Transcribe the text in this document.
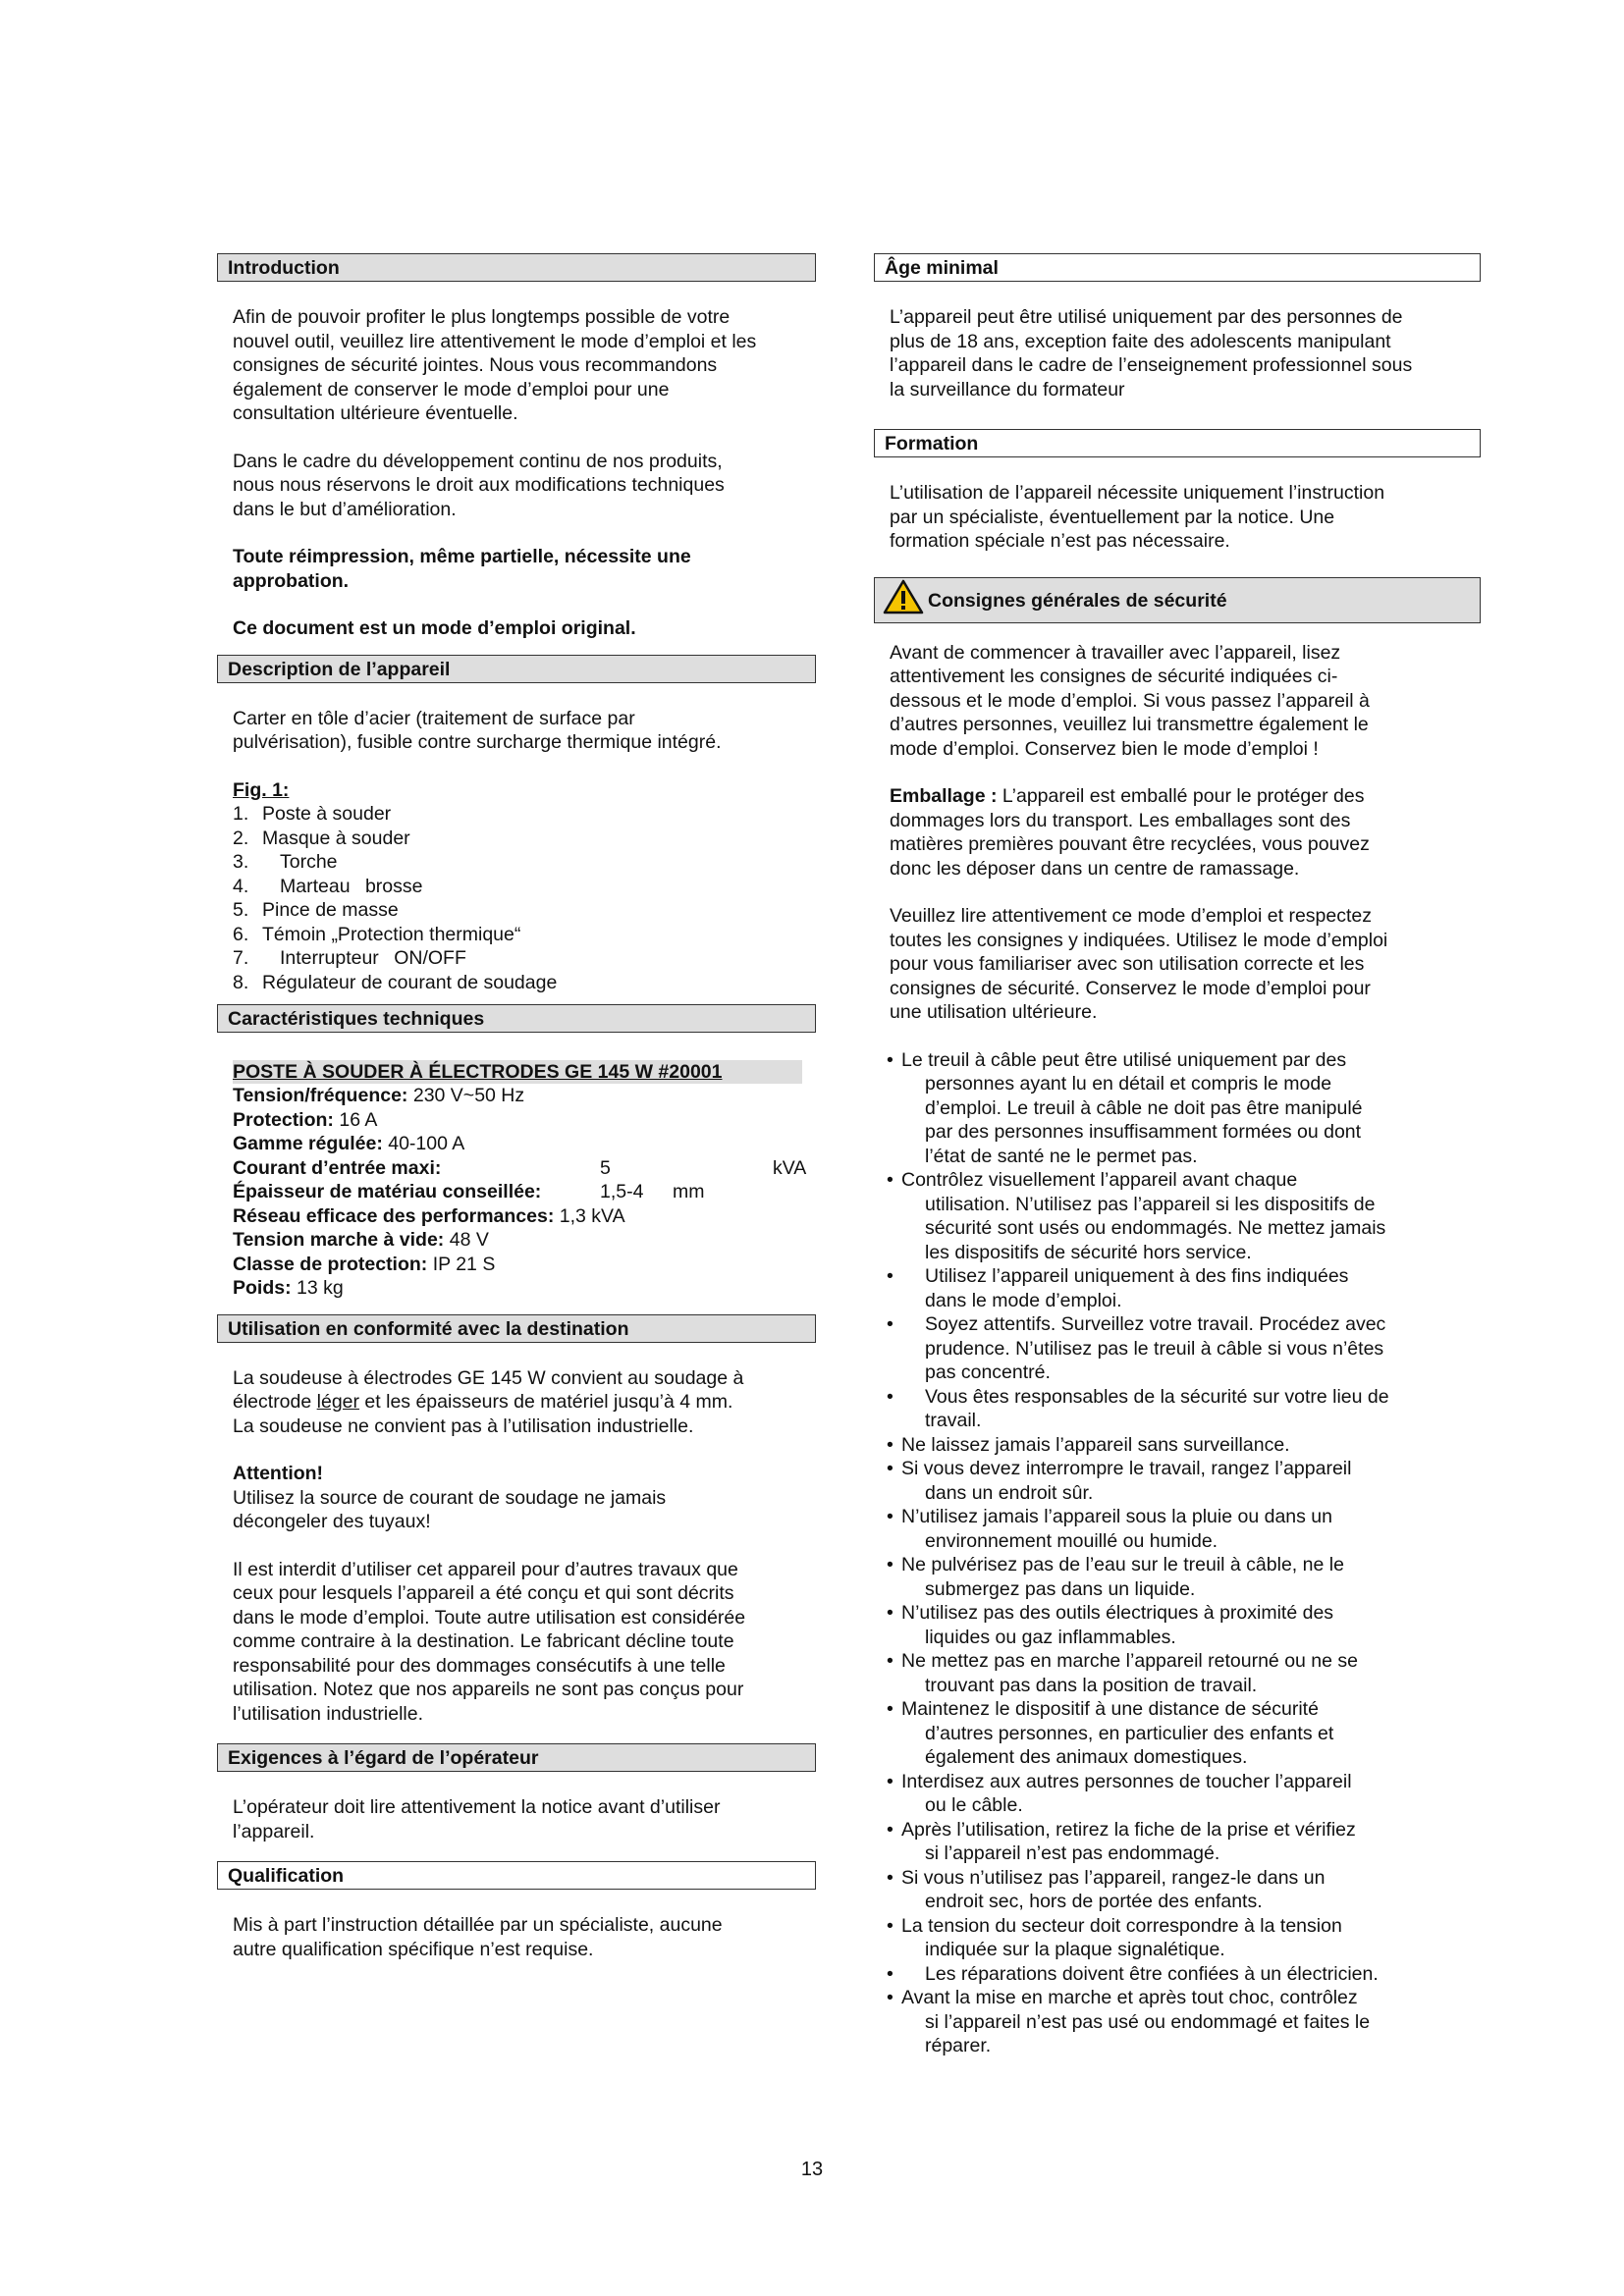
Introduction
Afin de pouvoir profiter le plus longtemps possible de votre
nouvel outil, veuillez lire attentivement le mode d’emploi et les
consignes de sécurité jointes. Nous vous recommandons
également de conserver le mode d’emploi pour une
consultation ultérieure éventuelle.
Dans le cadre du développement continu de nos produits,
nous nous réservons le droit aux modifications techniques
dans le but d’amélioration.
Toute réimpression, même partielle, nécessite une
approbation.
Ce document est un mode d’emploi original.
Description de l’appareil
Carter en tôle d’acier (traitement de surface par
pulvérisation), fusible contre surcharge thermique intégré.
Fig. 1:
1. Poste à souder
2. Masque à souder
3.	Torche
4.	Marteau brosse
5. Pince de masse
6. Témoin „Protection thermique“
7.	Interrupteur ON/OFF
8. Régulateur de courant de soudage
Caractéristiques techniques
POSTE À SOUDER À ÉLECTRODES GE 145 W #20001
Tension/fréquence: 230 V~50 Hz
Protection: 16 A
Gamme régulée: 40-100 A
Courant d’entrée maxi:	5	kVA
Épaisseur de matériau conseillée:	1,5-4 mm
Réseau efficace des performances: 1,3 kVA
Tension marche à vide: 48 V
Classe de protection: IP 21 S
Poids: 13 kg
Utilisation en conformité avec la destination
La soudeuse à électrodes GE 145 W convient au soudage à
électrode léger et les épaisseurs de matériel jusqu’à 4 mm.
La soudeuse ne convient pas à l’utilisation industrielle.
Attention!
Utilisez la source de courant de soudage ne jamais
décongeler des tuyaux!
Il est interdit d’utiliser cet appareil pour d’autres travaux que
ceux pour lesquels l’appareil a été conçu et qui sont décrits
dans le mode d’emploi. Toute autre utilisation est considérée
comme contraire à la destination. Le fabricant décline toute
responsabilité pour des dommages consécutifs à une telle
utilisation. Notez que nos appareils ne sont pas conçus pour
l’utilisation industrielle.
Exigences à l’égard de l’opérateur
L’opérateur doit lire attentivement la notice avant d’utiliser
l’appareil.
Qualification
Mis à part l’instruction détaillée par un spécialiste, aucune
autre qualification spécifique n’est requise.
Âge minimal
L’appareil peut être utilisé uniquement par des personnes de
plus de 18 ans, exception faite des adolescents manipulant
l’appareil dans le cadre de l’enseignement professionnel sous
la surveillance du formateur
Formation
L’utilisation de l’appareil nécessite uniquement l’instruction
par un spécialiste, éventuellement par la notice. Une
formation spéciale n’est pas nécessaire.
Consignes générales de sécurité
Avant de commencer à travailler avec l’appareil, lisez
attentivement les consignes de sécurité indiquées ci-
dessous et le mode d’emploi. Si vous passez l’appareil à
d’autres personnes, veuillez lui transmettre également le
mode d’emploi. Conservez bien le mode d’emploi !
Emballage : L’appareil est emballé pour le protéger des
dommages lors du transport. Les emballages sont des
matières premières pouvant être recyclées, vous pouvez
donc les déposer dans un centre de ramassage.
Veuillez lire attentivement ce mode d’emploi et respectez
toutes les consignes y indiquées. Utilisez le mode d’emploi
pour vous familiariser avec son utilisation correcte et les
consignes de sécurité. Conservez le mode d’emploi pour
une utilisation ultérieure.
• Le treuil à câble peut être utilisé uniquement par des
personnes ayant lu en détail et compris le mode
d’emploi. Le treuil à câble ne doit pas être manipulé
par des personnes insuffisamment formées ou dont
l’état de santé ne le permet pas.
• Contrôlez visuellement l’appareil avant chaque
utilisation. N’utilisez pas l’appareil si les dispositifs de
sécurité sont usés ou endommagés. Ne mettez jamais
les dispositifs de sécurité hors service.
• Utilisez l’appareil uniquement à des fins indiquées
dans le mode d’emploi.
• Soyez attentifs. Surveillez votre travail. Procédez avec
prudence. N’utilisez pas le treuil à câble si vous n’êtes
pas concentré.
• Vous êtes responsables de la sécurité sur votre lieu de
travail.
• Ne laissez jamais l’appareil sans surveillance.
• Si vous devez interrompre le travail, rangez l’appareil
dans un endroit sûr.
• N’utilisez jamais l’appareil sous la pluie ou dans un
environnement mouillé ou humide.
• Ne pulvérisez pas de l’eau sur le treuil à câble, ne le
submergez pas dans un liquide.
• N’utilisez pas des outils électriques à proximité des
liquides ou gaz inflammables.
• Ne mettez pas en marche l’appareil retourné ou ne se
trouvant pas dans la position de travail.
• Maintenez le dispositif à une distance de sécurité
d’autres personnes, en particulier des enfants et
également des animaux domestiques.
• Interdisez aux autres personnes de toucher l’appareil
ou le câble.
• Après l’utilisation, retirez la fiche de la prise et vérifiez
si l’appareil n’est pas endommagé.
• Si vous n’utilisez pas l’appareil, rangez-le dans un
endroit sec, hors de portée des enfants.
• La tension du secteur doit correspondre à la tension
indiquée sur la plaque signalétique.
• Les réparations doivent être confiées à un électricien.
• Avant la mise en marche et après tout choc, contrôlez
si l’appareil n’est pas usé ou endommagé et faites le
réparer.
13
